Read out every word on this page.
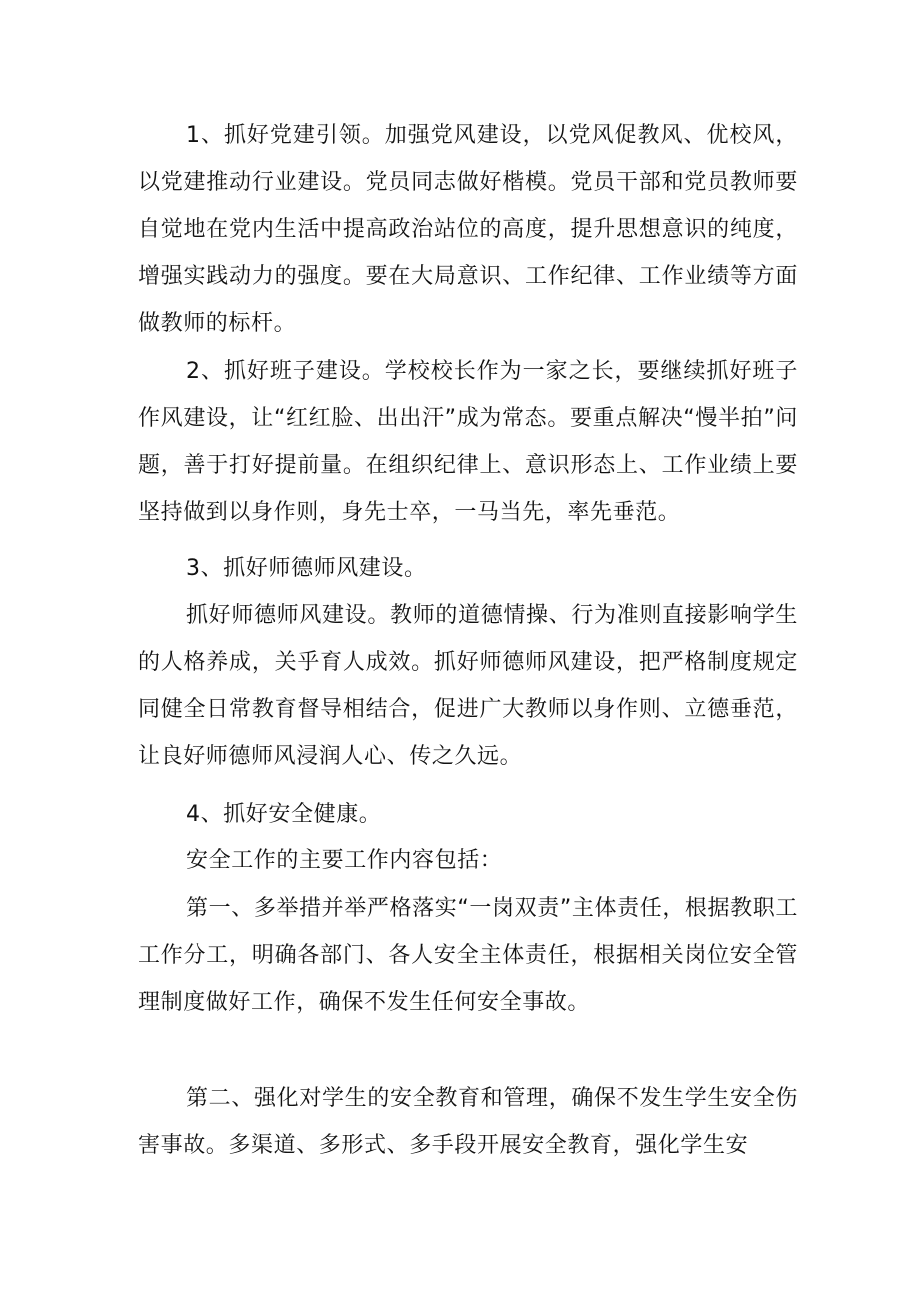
1、抓好党建引领。加强党风建设，以党风促教风、优校风，以党建推动行业建设。党员同志做好楷模。党员干部和党员教师要自觉地在党内生活中提高政治站位的高度，提升思想意识的纯度，增强实践动力的强度。要在大局意识、工作纪律、工作业绩等方面做教师的标杆。

2、抓好班子建设。学校校长作为一家之长，要继续抓好班子作风建设，让“红红脸、出出汗”成为常态。要重点解决“慢半拍”问题，善于打好提前量。在组织纪律上、意识形态上、工作业绩上要坚持做到以身作则，身先士卒，一马当先，率先垂范。

3、抓好师德师风建设。

抓好师德师风建设。教师的道德情操、行为准则直接影响学生的人格养成，关乎育人成效。抓好师德师风建设，把严格制度规定同健全日常教育督导相结合，促进广大教师以身作则、立德垂范，让良好师德师风浸润人心、传之久远。

4、抓好安全健康。

安全工作的主要工作内容包括：

第一、多举措并举严格落实“一岗双责”主体责任，根据教职工工作分工，明确各部门、各人安全主体责任，根据相关岗位安全管理制度做好工作，确保不发生任何安全事故。

第二、强化对学生的安全教育和管理，确保不发生学生安全伤害事故。多渠道、多形式、多手段开展安全教育，强化学生安
